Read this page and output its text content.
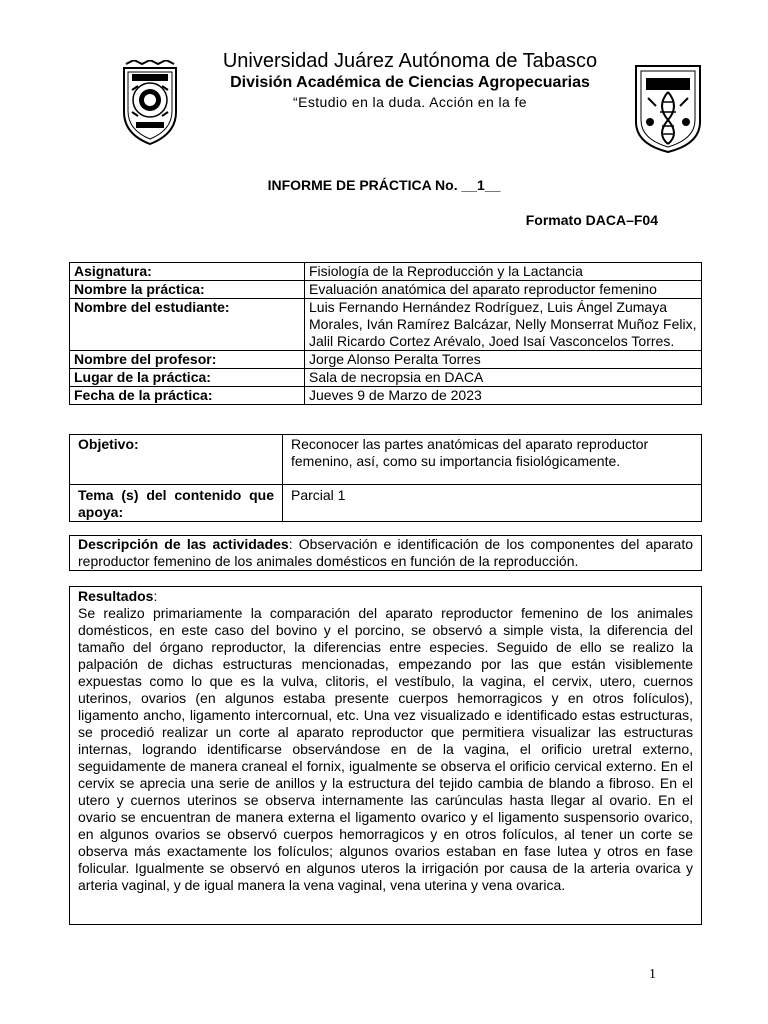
Universidad Juárez Autónoma de Tabasco
División Académica de Ciencias Agropecuarias
“Estudio en la duda. Acción en la fe
INFORME DE PRÁCTICA No. __1__
Formato DACA–F04
Asignatura:	Fisiología de la Reproducción y la Lactancia
Nombre la práctica:	Evaluación anatómica del aparato reproductor femenino
Nombre del estudiante:	Luis Fernando Hernández Rodríguez, Luis Ángel Zumaya Morales, Iván Ramírez Balcázar, Nelly Monserrat Muñoz Felix, Jalil Ricardo Cortez Arévalo, Joed Isaí Vasconcelos Torres.
Nombre del profesor:	Jorge Alonso Peralta Torres
Lugar de la práctica:	Sala de necropsia en DACA
Fecha de la práctica:	Jueves 9 de Marzo de 2023
Objetivo:	Reconocer las partes anatómicas del aparato reproductor femenino, así, como su importancia fisiológicamente.
Tema (s) del contenido que apoya:	Parcial 1
Descripción de las actividades: Observación e identificación de los componentes del aparato reproductor femenino de los animales domésticos en función de la reproducción.
Resultados:
Se realizo primariamente la comparación del aparato reproductor femenino de los animales domésticos, en este caso del bovino y el porcino, se observó a simple vista, la diferencia del tamaño del órgano reproductor, la diferencias entre especies. Seguido de ello se realizo la palpación de dichas estructuras mencionadas, empezando por las que están visiblemente expuestas como lo que es la vulva, clitoris, el vestíbulo, la vagina, el cervix, utero, cuernos uterinos, ovarios (en algunos estaba presente cuerpos hemorragicos y en otros folículos), ligamento ancho, ligamento intercornual, etc. Una vez visualizado e identificado estas estructuras, se procedió realizar un corte al aparato reproductor que permitiera visualizar las estructuras internas, logrando identificarse observándose en de la vagina, el orificio uretral externo, seguidamente de manera craneal el fornix, igualmente se observa el orificio cervical externo. En el cervix se aprecia una serie de anillos y la estructura del tejido cambia de blando a fibroso. En el utero y cuernos uterinos se observa internamente las carúnculas hasta llegar al ovario. En el ovario se encuentran de manera externa el ligamento ovarico y el ligamento suspensorio ovarico, en algunos ovarios se observó cuerpos hemorragicos y en otros folículos, al tener un corte se observa más exactamente los folículos; algunos ovarios estaban en fase lutea y otros en fase folicular. Igualmente se observó en algunos uteros la irrigación por causa de la arteria ovarica y arteria vaginal, y de igual manera la vena vaginal, vena uterina y vena ovarica.
1
